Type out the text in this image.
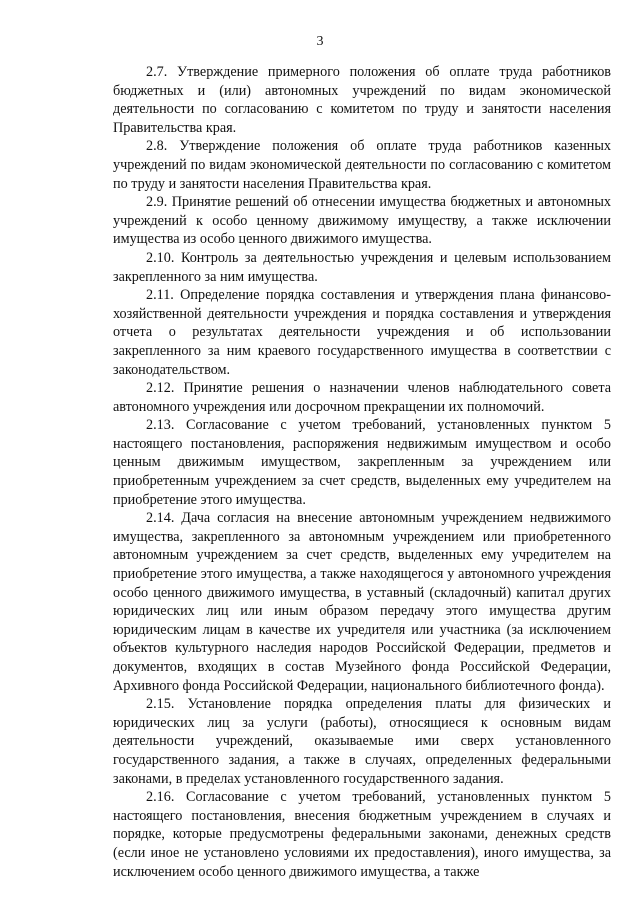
3

2.7. Утверждение примерного положения об оплате труда работников бюджетных и (или) автономных учреждений по видам экономической деятельности по согласованию с комитетом по труду и занятости населения Правительства края.

2.8. Утверждение положения об оплате труда работников казенных учреждений по видам экономической деятельности по согласованию с комитетом по труду и занятости населения Правительства края.

2.9. Принятие решений об отнесении имущества бюджетных и автономных учреждений к особо ценному движимому имуществу, а также исключении имущества из особо ценного движимого имущества.

2.10. Контроль за деятельностью учреждения и целевым использованием закрепленного за ним имущества.

2.11. Определение порядка составления и утверждения плана финансово-хозяйственной деятельности учреждения и порядка составления и утверждения отчета о результатах деятельности учреждения и об использовании закрепленного за ним краевого государственного имущества в соответствии с законодательством.

2.12. Принятие решения о назначении членов наблюдательного совета автономного учреждения или досрочном прекращении их полномочий.

2.13. Согласование с учетом требований, установленных пунктом 5 настоящего постановления, распоряжения недвижимым имуществом и особо ценным движимым имуществом, закрепленным за учреждением или приобретенным учреждением за счет средств, выделенных ему учредителем на приобретение этого имущества.

2.14. Дача согласия на внесение автономным учреждением недвижимого имущества, закрепленного за автономным учреждением или приобретенного автономным учреждением за счет средств, выделенных ему учредителем на приобретение этого имущества, а также находящегося у автономного учреждения особо ценного движимого имущества, в уставный (складочный) капитал других юридических лиц или иным образом передачу этого имущества другим юридическим лицам в качестве их учредителя или участника (за исключением объектов культурного наследия народов Российской Федерации, предметов и документов, входящих в состав Музейного фонда Российской Федерации, Архивного фонда Российской Федерации, национального библиотечного фонда).

2.15. Установление порядка определения платы для физических и юридических лиц за услуги (работы), относящиеся к основным видам деятельности учреждений, оказываемые ими сверх установленного государственного задания, а также в случаях, определенных федеральными законами, в пределах установленного государственного задания.

2.16. Согласование с учетом требований, установленных пунктом 5 настоящего постановления, внесения бюджетным учреждением в случаях и порядке, которые предусмотрены федеральными законами, денежных средств (если иное не установлено условиями их предоставления), иного имущества, за исключением особо ценного движимого имущества, а также
